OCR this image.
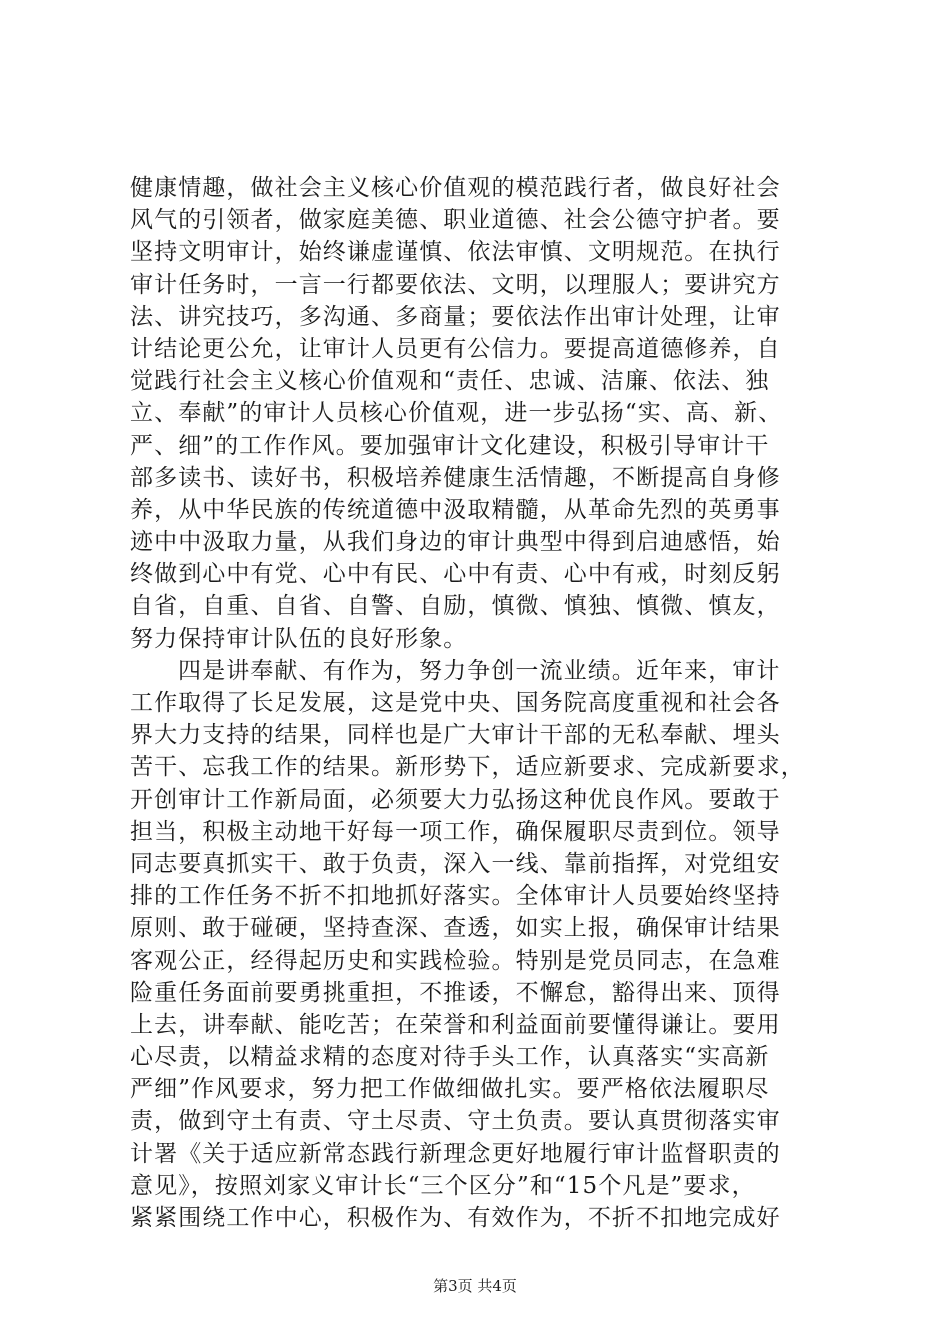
健康情趣，做社会主义核心价值观的模范践行者，做良好社会
风气的引领者，做家庭美德、职业道德、社会公德守护者。要
坚持文明审计，始终谦虚谨慎、依法审慎、文明规范。在执行
审计任务时，一言一行都要依法、文明，以理服人；要讲究方
法、讲究技巧，多沟通、多商量；要依法作出审计处理，让审
计结论更公允，让审计人员更有公信力。要提高道德修养，自
觉践行社会主义核心价值观和“责任、忠诚、洁廉、依法、独
立、奉献”的审计人员核心价值观，进一步弘扬“实、高、新、
严、细”的工作作风。要加强审计文化建设，积极引导审计干
部多读书、读好书，积极培养健康生活情趣，不断提高自身修
养，从中华民族的传统道德中汲取精髓，从革命先烈的英勇事
迹中中汲取力量，从我们身边的审计典型中得到启迪感悟，始
终做到心中有党、心中有民、心中有责、心中有戒，时刻反躬
自省，自重、自省、自警、自励，慎微、慎独、慎微、慎友，
努力保持审计队伍的良好形象。
四是讲奉献、有作为，努力争创一流业绩。近年来，审计
工作取得了长足发展，这是党中央、国务院高度重视和社会各
界大力支持的结果，同样也是广大审计干部的无私奉献、埋头
苦干、忘我工作的结果。新形势下，适应新要求、完成新要求，
开创审计工作新局面，必须要大力弘扬这种优良作风。要敢于
担当，积极主动地干好每一项工作，确保履职尽责到位。领导
同志要真抓实干、敢于负责，深入一线、靠前指挥，对党组安
排的工作任务不折不扣地抓好落实。全体审计人员要始终坚持
原则、敢于碰硬，坚持查深、查透，如实上报，确保审计结果
客观公正，经得起历史和实践检验。特别是党员同志，在急难
险重任务面前要勇挑重担，不推诿，不懈怠，豁得出来、顶得
上去，讲奉献、能吃苦；在荣誉和利益面前要懂得谦让。要用
心尽责，以精益求精的态度对待手头工作，认真落实“实高新
严细”作风要求，努力把工作做细做扎实。要严格依法履职尽
责，做到守土有责、守土尽责、守土负责。要认真贯彻落实审
计署《关于适应新常态践行新理念更好地履行审计监督职责的
意见》，按照刘家义审计长“三个区分”和“15个凡是”要求，
紧紧围绕工作中心，积极作为、有效作为，不折不扣地完成好
第3页 共4页
